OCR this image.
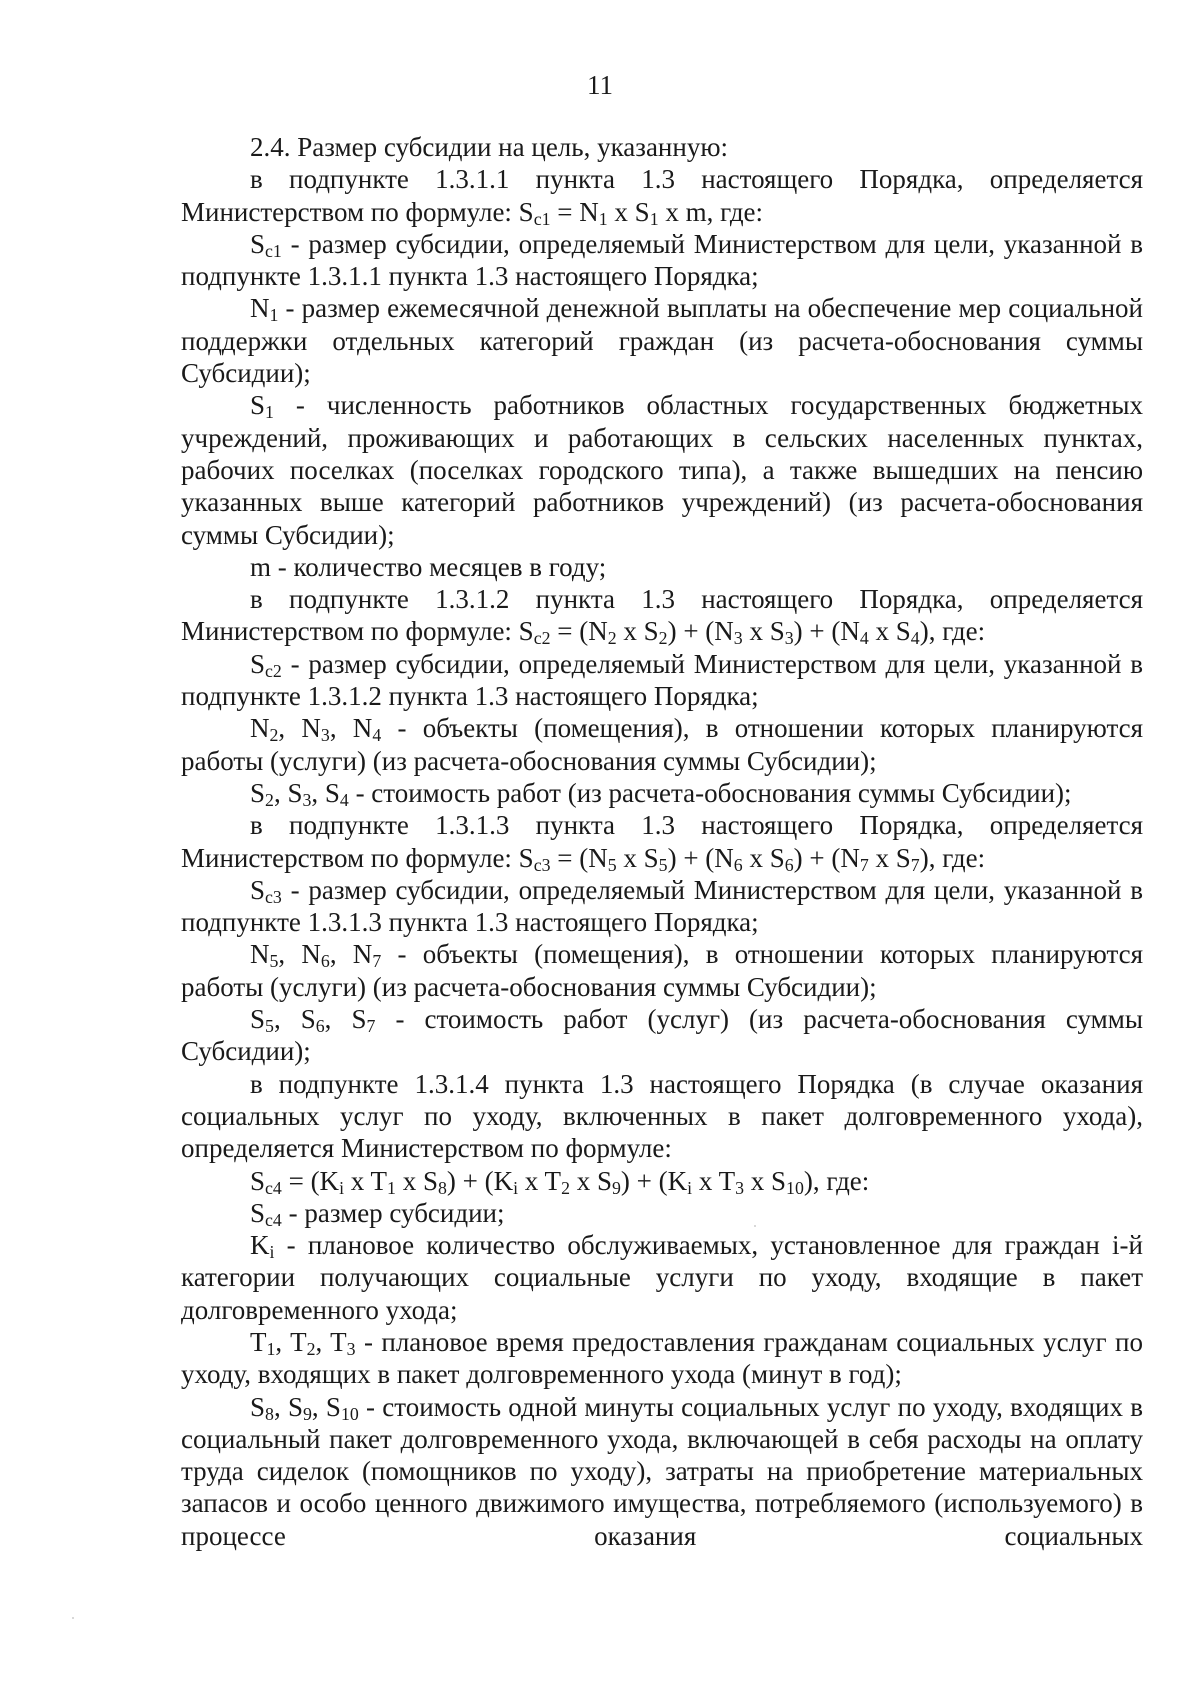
11

2.4. Размер субсидии на цель, указанную:

в подпункте 1.3.1.1 пункта 1.3 настоящего Порядка, определяется Министерством по формуле: $S_{c1} = N_1$ x $S_1$ x m, где:

$S_{c1}$ - размер субсидии, определяемый Министерством для цели, указанной в подпункте 1.3.1.1 пункта 1.3 настоящего Порядка;

$N_1$ - размер ежемесячной денежной выплаты на обеспечение мер социальной поддержки отдельных категорий граждан (из расчета-обоснования суммы Субсидии);

$S_1$ - численность работников областных государственных бюджетных учреждений, проживающих и работающих в сельских населенных пунктах, рабочих поселках (поселках городского типа), а также вышедших на пенсию указанных выше категорий работников учреждений) (из расчета-обоснования суммы Субсидии);

m - количество месяцев в году;

в подпункте 1.3.1.2 пункта 1.3 настоящего Порядка, определяется Министерством по формуле: $S_{c2} = (N_2$ x $S_2) + (N_3$ x $S_3) + (N_4$ x $S_4$), где:

$S_{c2}$ - размер субсидии, определяемый Министерством для цели, указанной в подпункте 1.3.1.2 пункта 1.3 настоящего Порядка;

$N_2$, $N_3$, $N_4$ - объекты (помещения), в отношении которых планируются работы (услуги) (из расчета-обоснования суммы Субсидии);

$S_2$, $S_3$, $S_4$ - стоимость работ (из расчета-обоснования суммы Субсидии);

в подпункте 1.3.1.3 пункта 1.3 настоящего Порядка, определяется Министерством по формуле: $S_{c3} = (N_5$ x $S_5) + (N_6$ x $S_6) + (N_7$ x $S_7$), где:

$S_{c3}$ - размер субсидии, определяемый Министерством для цели, указанной в подпункте 1.3.1.3 пункта 1.3 настоящего Порядка;

$N_5$, $N_6$, $N_7$ - объекты (помещения), в отношении которых планируются работы (услуги) (из расчета-обоснования суммы Субсидии);

$S_5$, $S_6$, $S_7$ - стоимость работ (услуг) (из расчета-обоснования суммы Субсидии);

в подпункте 1.3.1.4 пункта 1.3 настоящего Порядка (в случае оказания социальных услуг по уходу, включенных в пакет долговременного ухода), определяется Министерством по формуле:

$S_{c4} = (K_i$ x $T_1$ x $S_8) + (K_i$ x $T_2$ x $S_9) + (K_i$ x $T_3$ x $S_{10}$), где:

$S_{c4}$ - размер субсидии;

$K_i$ - плановое количество обслуживаемых, установленное для граждан i-й категории получающих социальные услуги по уходу, входящие в пакет долговременного ухода;

$T_1$, $T_2$, $T_3$ - плановое время предоставления гражданам социальных услуг по уходу, входящих в пакет долговременного ухода (минут в год);

$S_8$, $S_9$, $S_{10}$ - стоимость одной минуты социальных услуг по уходу, входящих в социальный пакет долговременного ухода, включающей в себя расходы на оплату труда сиделок (помощников по уходу), затраты на приобретение материальных запасов и особо ценного движимого имущества, потребляемого (используемого) в процессе оказания социальных
